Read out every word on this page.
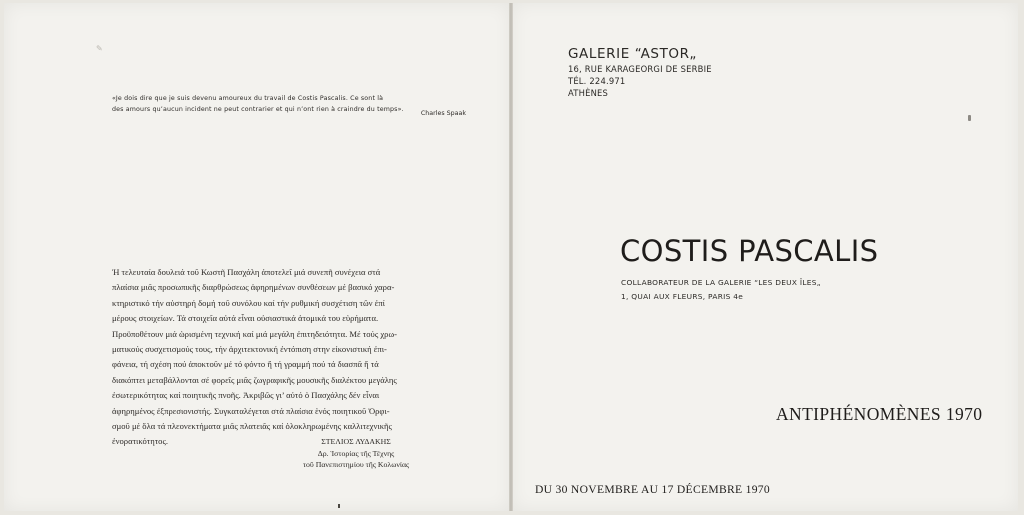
✎
«Je dois dire que je suis devenu amoureux du travail de Costis Pascalis. Ce sont là
des amours qu’aucun incident ne peut contrarier et qui n’ont rien à craindre du temps».
Charles Spaak
Ἡ τελευταία δουλειά τοῦ Κωστῆ Πασχάλη ἀποτελεῖ μιά συνεπῆ συνέχεια στά
πλαίσια μιᾶς προσωπικῆς διαρθρώσεως ἀφηρημένων συνθέσεων μέ βασικό χαρα-
κτηριστικό τήν αὐστηρή δομή τοῦ συνόλου καί τήν ρυθμική συσχέτιση τῶν ἐπί
μέρους στοιχείων. Τά στοιχεῖα αὐτά εἶναι οὐσιαστικά ἀτομικά του εὑρήματα.
Προϋποθέτουν μιά ὡρισμένη τεχνική καί μιά μεγάλη ἐπιτηδειότητα. Μέ τούς χρω-
ματικούς συσχετισμούς τους, τήν ἀρχιτεκτονική ἐντόπιση στην εἰκονιστική ἐπι-
φάνεια, τή σχέση πού ἀποκτοῦν μέ τό φόντο ἤ τή γραμμή πού τά διασπᾶ ἤ τά
διακόπτει μεταβάλλονται σέ φορεῖς μιᾶς ζωγραφικῆς μουσικῆς διαλέκτου μεγάλης
ἐσωτερικότητας καί ποιητικῆς πνοῆς. Ἀκριβῶς γι’ αὐτό ὁ Πασχάλης δέν εἶναι
ἀφηρημένος ἐξπρεσιονιστής. Συγκαταλέγεται στά πλαίσια ἑνός ποιητικοῦ Ὀρφι-
σμοῦ μέ ὅλα τά πλεονεκτήματα μιᾶς πλατειᾶς καί ὁλοκληρωμένης καλλιτεχνικῆς
ἐνορατικότητος.	ΣΤΕΛΙΟΣ ΛΥΔΑΚΗΣ
Δρ. Ἱστορίας τῆς Τέχνης
τοῦ Πανεπιστημίου τῆς Κολωνίας
GALERIE “ASTOR„
16, RUE KARAGEORGI DE SERBIE
TÉL. 224.971
ATHÈNES
COSTIS PASCALIS
COLLABORATEUR DE LA GALERIE “LES DEUX ÎLES„
1, QUAI AUX FLEURS, PARIS 4e
ANTIPHÉNOMÈNES 1970
DU 30 NOVEMBRE AU 17 DÉCEMBRE 1970
